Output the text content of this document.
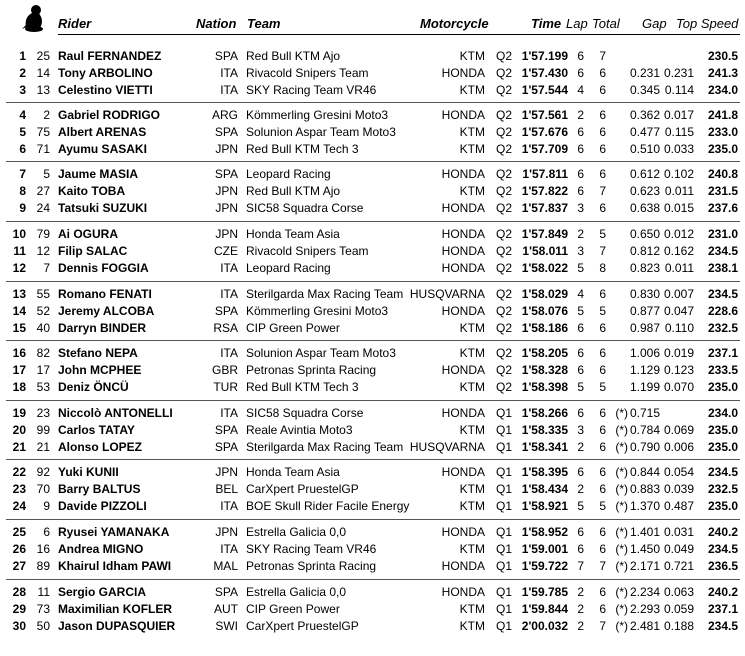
Rider	Nation Team	Motorcycle	Time Lap Total Gap Top Speed
1 25 Raul FERNANDEZ	SPA Red Bull KTM Ajo	KTM Q2 1'57.199 6	7	230.5
2 14 Tony ARBOLINO	ITA Rivacold Snipers Team	HONDA Q2 1'57.430 6	6 0.231 0.231	241.3
3 13 Celestino VIETTI	ITA SKY Racing Team VR46	KTM Q2 1'57.544 4	6 0.345 0.114	234.0
4	2 Gabriel RODRIGO	ARG Kömmerling Gresini Moto3	HONDA Q2 1'57.561 2	6 0.362 0.017	241.8
5 75 Albert ARENAS	SPA Solunion Aspar Team Moto3	KTM Q2 1'57.676 6	6 0.477 0.115	233.0
6 71 Ayumu SASAKI	JPN Red Bull KTM Tech 3	KTM Q2 1'57.709 6	6 0.510 0.033	235.0
7	5 Jaume MASIA	SPA Leopard Racing	HONDA Q2 1'57.811 6	6 0.612 0.102	240.8
8 27 Kaito TOBA	JPN Red Bull KTM Ajo	KTM Q2 1'57.822 6	7 0.623 0.011	231.5
9 24 Tatsuki SUZUKI	JPN SIC58 Squadra Corse	HONDA Q2 1'57.837 3	6 0.638 0.015	237.6
10 79 Ai OGURA	JPN Honda Team Asia	HONDA Q2 1'57.849 2	5 0.650 0.012	231.0
11 12 Filip SALAC	CZE Rivacold Snipers Team	HONDA Q2 1'58.011 3	7 0.812 0.162	234.5
12	7 Dennis FOGGIA	ITA Leopard Racing	HONDA Q2 1'58.022 5	8 0.823 0.011	238.1
13 55 Romano FENATI	ITA Sterilgarda Max Racing Team HUSQVARNA Q2 1'58.029 4	6 0.830 0.007	234.5
14 52 Jeremy ALCOBA	SPA Kömmerling Gresini Moto3	HONDA Q2 1'58.076 5	5 0.877 0.047	228.6
15 40 Darryn BINDER	RSA CIP Green Power	KTM Q2 1'58.186 6	6 0.987 0.110	232.5
16 82 Stefano NEPA	ITA Solunion Aspar Team Moto3	KTM Q2 1'58.205 6	6 1.006 0.019	237.1
17 17 John MCPHEE	GBR Petronas Sprinta Racing	HONDA Q2 1'58.328 6	6 1.129 0.123	233.5
18 53 Deniz ÖNCÜ	TUR Red Bull KTM Tech 3	KTM Q2 1'58.398 5	5 1.199 0.070	235.0
19 23 Niccolò ANTONELLI	ITA SIC58 Squadra Corse	HONDA Q1 1'58.266 6	6 (*) 0.715	234.0
20 99 Carlos TATAY	SPA Reale Avintia Moto3	KTM Q1 1'58.335 3	6 (*) 0.784 0.069	235.0
21 21 Alonso LOPEZ	SPA Sterilgarda Max Racing Team HUSQVARNA Q1 1'58.341 2	6 (*) 0.790 0.006	235.0
22 92 Yuki KUNII	JPN Honda Team Asia	HONDA Q1 1'58.395 6	6 (*) 0.844 0.054	234.5
23 70 Barry BALTUS	BEL CarXpert PruestelGP	KTM Q1 1'58.434 2	6 (*) 0.883 0.039	232.5
24	9 Davide PIZZOLI	ITA BOE Skull Rider Facile Energy	KTM Q1 1'58.921 5	5 (*) 1.370 0.487	235.0
25	6 Ryusei YAMANAKA	JPN Estrella Galicia 0,0	HONDA Q1 1'58.952 6	6 (*) 1.401 0.031	240.2
26 16 Andrea MIGNO	ITA SKY Racing Team VR46	KTM Q1 1'59.001 6	6 (*) 1.450 0.049	234.5
27 89 Khairul Idham PAWI	MAL Petronas Sprinta Racing	HONDA Q1 1'59.722 7	7 (*) 2.171 0.721	236.5
28 11 Sergio GARCIA	SPA Estrella Galicia 0,0	HONDA Q1 1'59.785 2	6 (*) 2.234 0.063	240.2
29 73 Maximilian KOFLER	AUT CIP Green Power	KTM Q1 1'59.844 2	6 (*) 2.293 0.059	237.1
30 50 Jason DUPASQUIER	SWI CarXpert PruestelGP	KTM Q1 2'00.032 2	7 (*) 2.481 0.188	234.5
